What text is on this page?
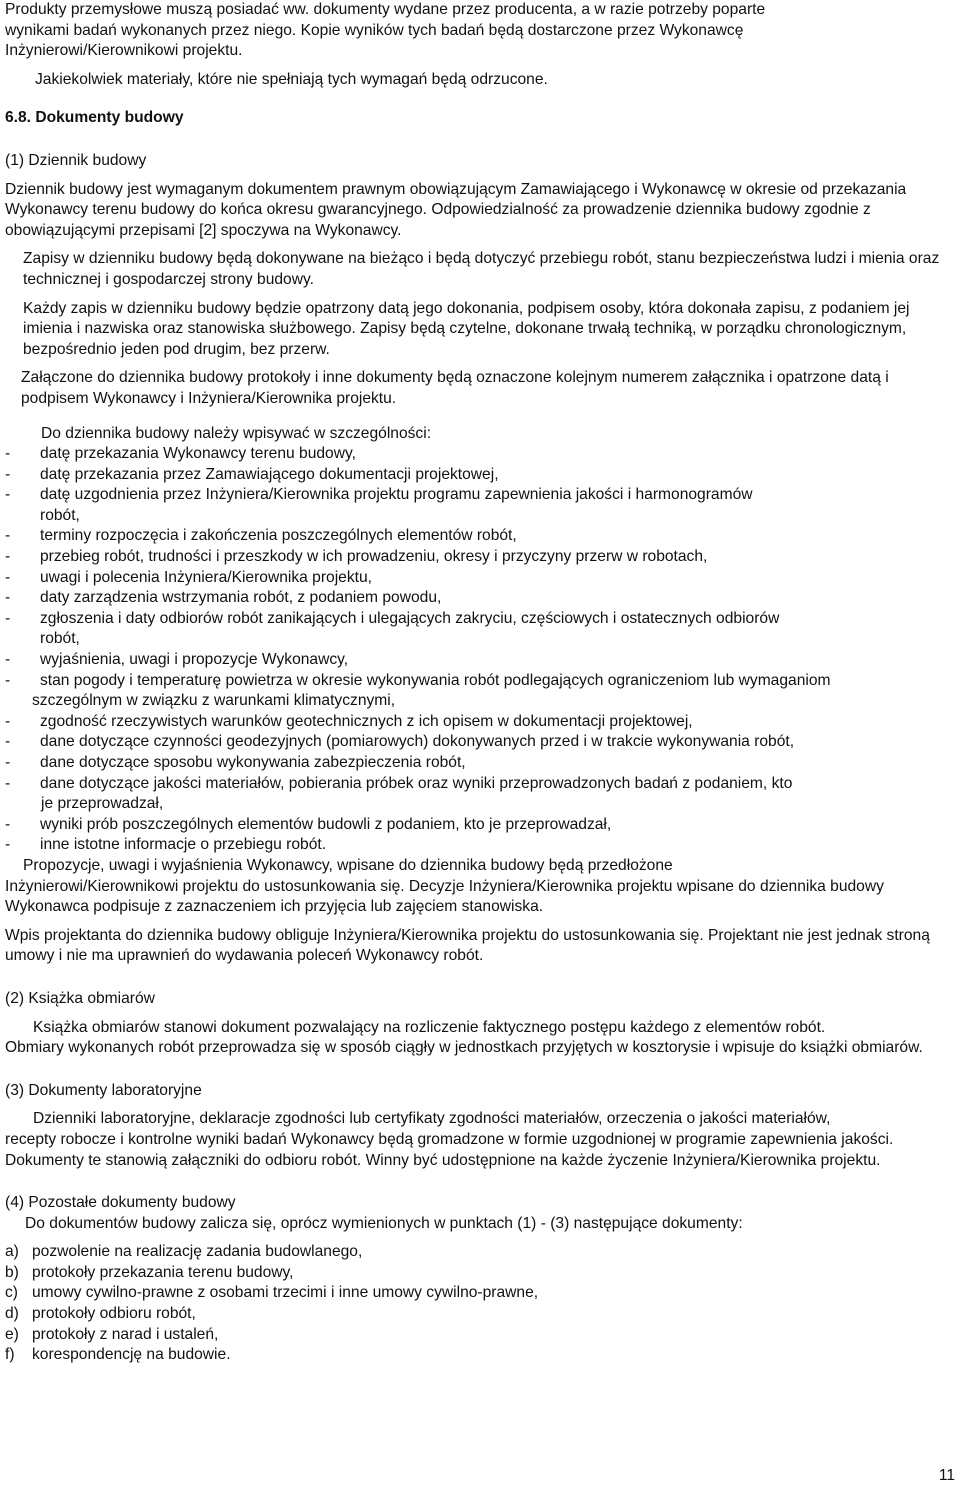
Produkty przemysłowe muszą posiadać ww. dokumenty wydane przez producenta, a w razie potrzeby poparte

wynikami badań wykonanych przez niego. Kopie wyników tych badań będą dostarczone przez Wykonawcę

Inżynierowi/Kierownikowi projektu.

Jakiekolwiek materiały, które nie spełniają tych wymagań będą odrzucone.

6.8. Dokumenty budowy

(1) Dziennik budowy

Dziennik budowy jest wymaganym dokumentem prawnym obowiązującym Zamawiającego i Wykonawcę w okresie od przekazania Wykonawcy terenu budowy do końca okresu gwarancyjnego. Odpowiedzialność za prowadzenie dziennika budowy zgodnie z obowiązującymi przepisami [2] spoczywa na Wykonawcy.

Zapisy w dzienniku budowy będą dokonywane na bieżąco i będą dotyczyć przebiegu robót, stanu bezpieczeństwa ludzi i mienia oraz technicznej i gospodarczej strony budowy.

Każdy zapis w dzienniku budowy będzie opatrzony datą jego dokonania, podpisem osoby, która dokonała zapisu, z podaniem jej imienia i nazwiska oraz stanowiska służbowego. Zapisy będą czytelne, dokonane trwałą techniką, w porządku chronologicznym, bezpośrednio jeden pod drugim, bez przerw.

Załączone do dziennika budowy protokoły i inne dokumenty będą oznaczone kolejnym numerem załącznika i opatrzone datą i podpisem Wykonawcy i Inżyniera/Kierownika projektu.

Do dziennika budowy należy wpisywać w szczególności:

-	datę przekazania Wykonawcy terenu budowy,
-	datę przekazania przez Zamawiającego dokumentacji projektowej,
-	datę uzgodnienia przez Inżyniera/Kierownika projektu programu zapewnienia jakości i harmonogramów
robót,
-	terminy rozpoczęcia i zakończenia poszczególnych elementów robót,
-	przebieg robót, trudności i przeszkody w ich prowadzeniu, okresy i przyczyny przerw w robotach,
-	uwagi i polecenia Inżyniera/Kierownika projektu,
-	daty zarządzenia wstrzymania robót, z podaniem powodu,
-	zgłoszenia i daty odbiorów robót zanikających i ulegających zakryciu, częściowych i ostatecznych odbiorów
robót,
-	wyjaśnienia, uwagi i propozycje Wykonawcy,
-	stan pogody i temperaturę powietrza w okresie wykonywania robót podlegających ograniczeniom lub wymaganiom
szczególnym w związku z warunkami klimatycznymi,
-	zgodność rzeczywistych warunków geotechnicznych z ich opisem w dokumentacji projektowej,
-	dane dotyczące czynności geodezyjnych (pomiarowych) dokonywanych przed i w trakcie wykonywania robót,
-	dane dotyczące sposobu wykonywania zabezpieczenia robót,
-	dane dotyczące jakości materiałów, pobierania próbek oraz wyniki przeprowadzonych badań z podaniem, kto
je przeprowadzał,
-	wyniki prób poszczególnych elementów budowli z podaniem, kto je przeprowadzał,
-	inne istotne informacje o przebiegu robót.

Propozycje, uwagi i wyjaśnienia Wykonawcy, wpisane do dziennika budowy będą przedłożone

Inżynierowi/Kierownikowi projektu do ustosunkowania się. Decyzje Inżyniera/Kierownika projektu wpisane do dziennika budowy Wykonawca podpisuje z zaznaczeniem ich przyjęcia lub zajęciem stanowiska.

Wpis projektanta do dziennika budowy obliguje Inżyniera/Kierownika projektu do ustosunkowania się. Projektant nie jest jednak stroną umowy i nie ma uprawnień do wydawania poleceń Wykonawcy robót.

(2) Książka obmiarów

Książka obmiarów stanowi dokument pozwalający na rozliczenie faktycznego postępu każdego z elementów robót.

Obmiary wykonanych robót przeprowadza się w sposób ciągły w jednostkach przyjętych w kosztorysie i wpisuje do książki obmiarów.

(3) Dokumenty laboratoryjne

Dzienniki laboratoryjne, deklaracje zgodności lub certyfikaty zgodności materiałów, orzeczenia o jakości materiałów,

recepty robocze i kontrolne wyniki badań Wykonawcy będą gromadzone w formie uzgodnionej w programie zapewnienia jakości. Dokumenty te stanowią załączniki do odbioru robót. Winny być udostępnione na każde życzenie Inżyniera/Kierownika projektu.

(4) Pozostałe dokumenty budowy

Do dokumentów budowy zalicza się, oprócz wymienionych w punktach (1) - (3) następujące dokumenty:

a) pozwolenie na realizację zadania budowlanego,
b) protokoły przekazania terenu budowy,
c) umowy cywilno-prawne z osobami trzecimi i inne umowy cywilno-prawne,
d) protokoły odbioru robót,
e) protokoły z narad i ustaleń,
f)	korespondencję na budowie.
11
